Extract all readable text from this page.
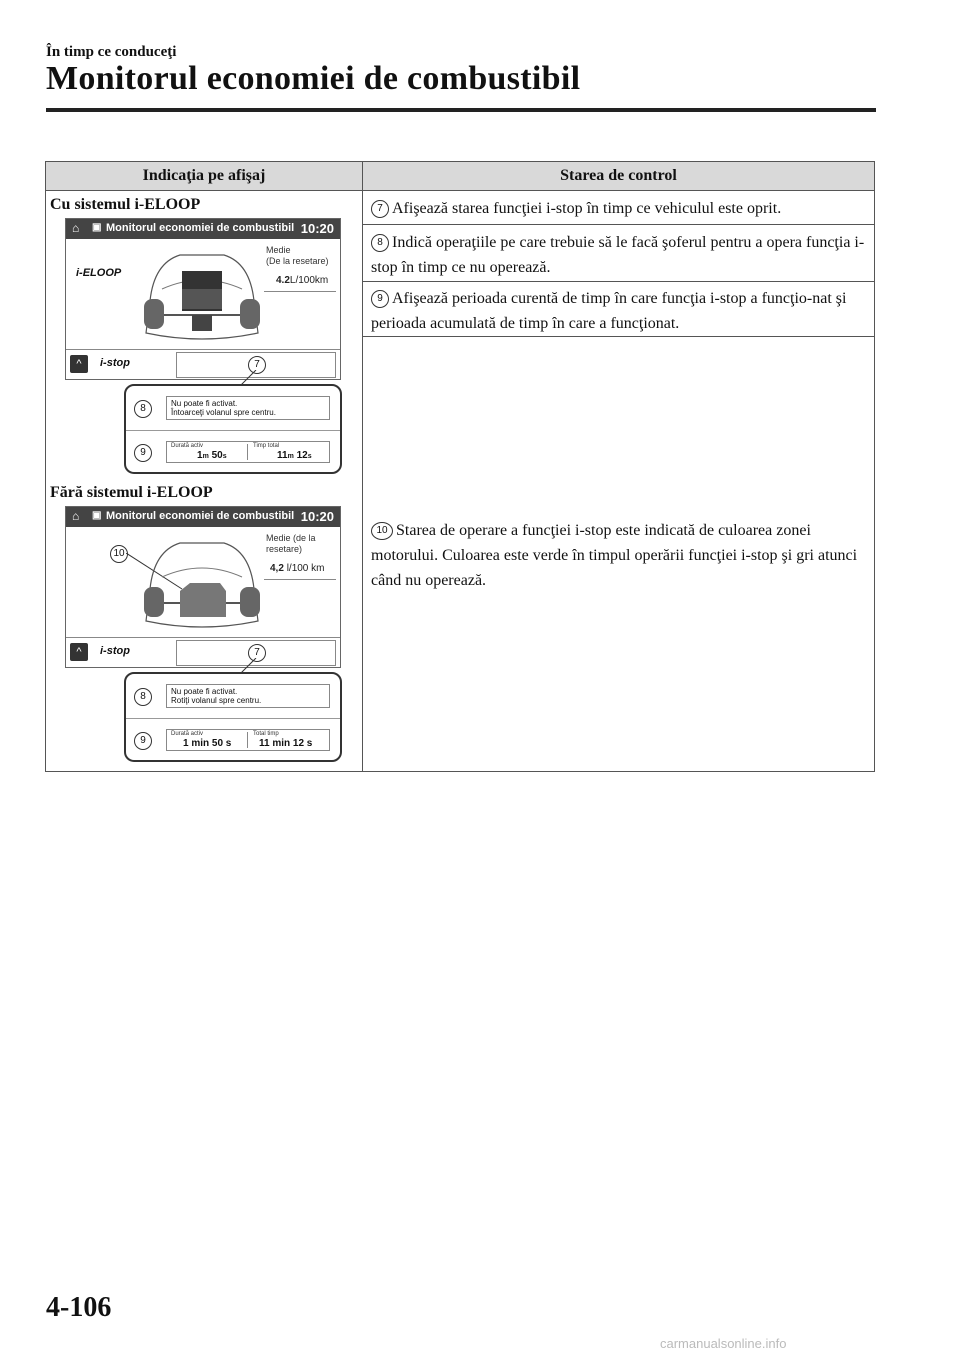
În timp ce conduceţi
Monitorul economiei de combustibil
Indicaţia pe afişaj	Starea de control
7 Afişează starea funcţiei i-stop în timp ce vehiculul este oprit.
8 Indică operaţiile pe care trebuie să le facă şoferul pentru a opera funcţia i-stop în timp ce nu operează.
9 Afişează perioada curentă de timp în care funcţia i-stop a funcţio-nat şi perioada acumulată de timp în care a funcţionat.
10 Starea de operare a funcţiei i-stop este indicată de culoarea zonei motorului. Culoarea este verde în timpul operării funcţiei i-stop şi gri atunci când nu operează.
Cu sistemul i-ELOOP
⌂ ▣ Monitorul economiei de combustibil 10:20
i-ELOOP
Medie
(De la resetare)
4.2L/100km
^	i-stop	7
8	Nu poate fi activat.
Întoarceţi volanul spre centru.
9
Durată activ
1m 50s
Timp total
11m 12s
Fără sistemul i-ELOOP
⌂ ▣ Monitorul economiei de combustibil 10:20
10
Medie (de la
resetare)
4,2 l/100 km
^	i-stop	7
8	Nu poate fi activat.
Rotiţi volanul spre centru.
9
Durată activ
1 min 50 s
Total timp
11 min 12 s
4-106
carmanualsonline.info
